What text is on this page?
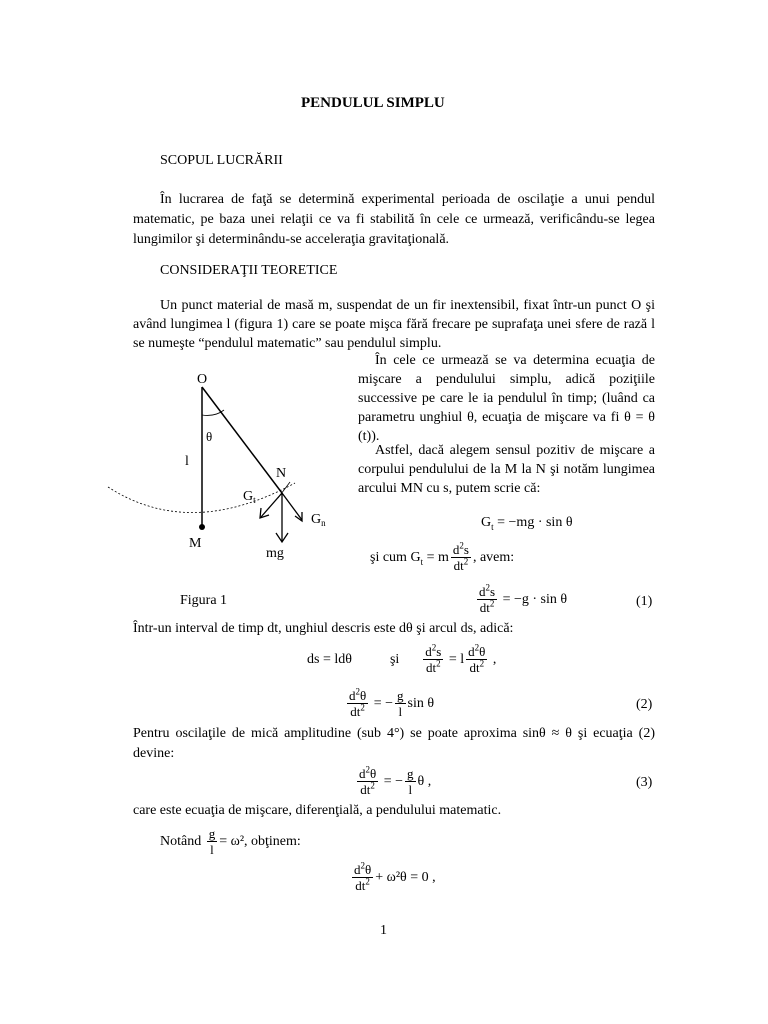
PENDULUL SIMPLU
SCOPUL LUCRĂRII
În lucrarea de faţă se determină experimental perioada de oscilaţie a unui pendul matematic, pe baza unei relaţii ce va fi stabilită în cele ce urmează, verificându-se legea lungimilor şi determinându-se acceleraţia gravitaţională.
CONSIDERAŢII TEORETICE
Un punct material de masă m, suspendat de un fir inextensibil, fixat într-un punct O şi având lungimea l (figura 1) care se poate mişca fără frecare pe suprafaţa unei sfere de rază l se numeşte “pendulul matematic” sau pendulul simplu.
În cele ce urmează se va determina ecuaţia de mişcare a pendulului simplu, adică poziţiile successive pe care le ia pendulul în timp; (luând ca parametru unghiul θ, ecuaţia de mişcare va fi θ = θ (t)).
Astfel, dacă alegem sensul pozitiv de mişcare a corpului pendulului de la M la N şi notăm lungimea arcului MN cu s, putem scrie că:
O
θ
l
N
$G_t$
$G_n$
M
mg
Figura 1
$G_t = -mg \cdot \sin \theta$
şi cum $G_t = m \frac{d^2s}{dt^2}$ , avem:
$\frac{d^2s}{dt^2} = -g \cdot \sin \theta$	(1)
Într-un interval de timp dt, unghiul descris este dθ şi arcul ds, adică:
ds = ldθ	şi $\frac{d^2s}{dt^2} = l \frac{d^2\theta}{dt^2}$ ,
$\frac{d^2\theta}{dt^2}$ = − $\frac{g}{l}$ sin θ	(2)
Pentru oscilaţile de mică amplitudine (sub 4°) se poate aproxima sinθ ≈ θ şi ecuaţia (2) devine:
$\frac{d^2\theta}{dt^2}$ = − $\frac{g}{l}$ θ ,	(3)
care este ecuaţia de mişcare, diferenţială, a pendulului matematic.
Notând $\frac{g}{l} = \omega^2$, obţinem:
$\frac{d^2\theta}{dt^2} + \omega^2\theta = 0$ ,
1
